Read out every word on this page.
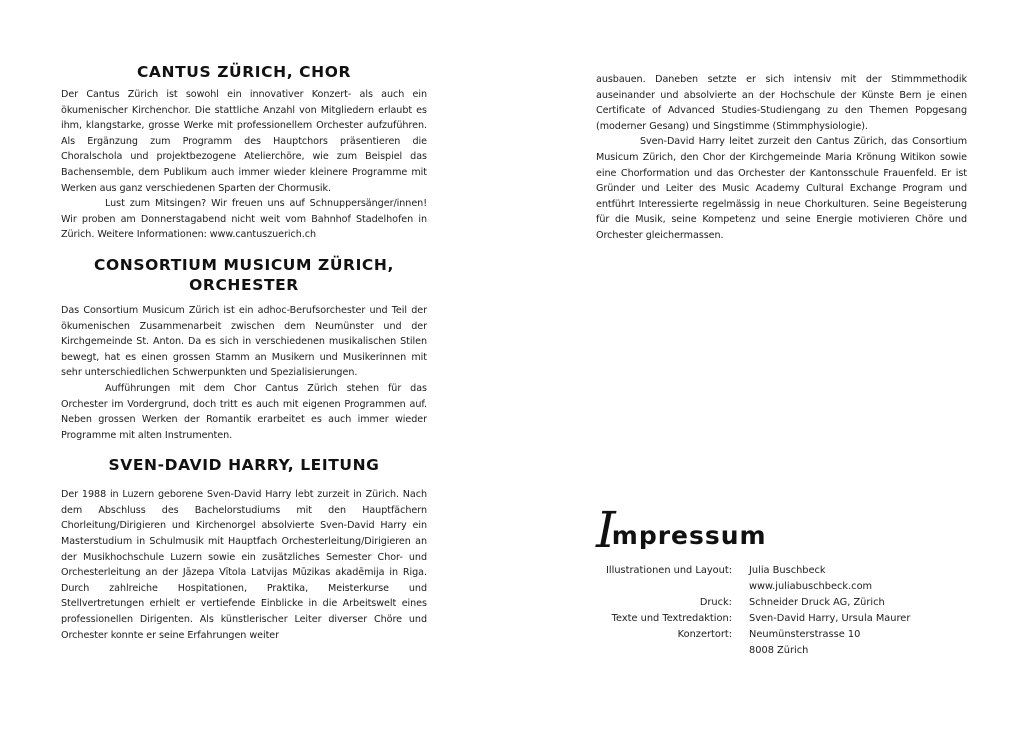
CANTUS ZÜRICH, CHOR

Der Cantus Zürich ist sowohl ein innovativer Konzert- als auch ein ökumenischer Kirchenchor. Die stattliche Anzahl von Mitgliedern erlaubt es ihm, klangstarke, grosse Werke mit professionellem Orchester aufzuführen. Als Ergänzung zum Programm des Hauptchors präsentieren die Choralschola und projektbezogene Atelierchöre, wie zum Beispiel das Bachensemble, dem Publikum auch immer wieder kleinere Programme mit Werken aus ganz verschiedenen Sparten der Chormusik.

Lust zum Mitsingen? Wir freuen uns auf Schnuppersänger/innen! Wir proben am Donnerstagabend nicht weit vom Bahnhof Stadelhofen in Zürich. Weitere Informationen: www.cantuszuerich.ch

CONSORTIUM MUSICUM ZÜRICH, ORCHESTER

Das Consortium Musicum Zürich ist ein adhoc-Berufsorchester und Teil der ökumenischen Zusammenarbeit zwischen dem Neumünster und der Kirchgemeinde St. Anton. Da es sich in verschiedenen musikalischen Stilen bewegt, hat es einen grossen Stamm an Musikern und Musikerinnen mit sehr unterschiedlichen Schwerpunkten und Spezialisierungen.

Aufführungen mit dem Chor Cantus Zürich stehen für das Orchester im Vordergrund, doch tritt es auch mit eigenen Programmen auf. Neben grossen Werken der Romantik erarbeitet es auch immer wieder Programme mit alten Instrumenten.

SVEN-DAVID HARRY, LEITUNG

Der 1988 in Luzern geborene Sven-David Harry lebt zurzeit in Zürich. Nach dem Abschluss des Bachelorstudiums mit den Hauptfächern Chorleitung/Dirigieren und Kirchenorgel absolvierte Sven-David Harry ein Masterstudium in Schulmusik mit Hauptfach Orchesterleitung/Dirigieren an der Musikhochschule Luzern sowie ein zusätzliches Semester Chor- und Orchesterleitung an der Jāzepa Vītola Latvijas Mūzikas akadēmija in Riga. Durch zahlreiche Hospitationen, Praktika, Meisterkurse und Stellvertretungen erhielt er vertiefende Einblicke in die Arbeitswelt eines professionellen Dirigenten. Als künstlerischer Leiter diverser Chöre und Orchester konnte er seine Erfahrungen weiter

ausbauen. Daneben setzte er sich intensiv mit der Stimmmethodik auseinander und absolvierte an der Hochschule der Künste Bern je einen Certificate of Advanced Studies-Studiengang zu den Themen Popgesang (moderner Gesang) und Singstimme (Stimmphysiologie).

Sven-David Harry leitet zurzeit den Cantus Zürich, das Consortium Musicum Zürich, den Chor der Kirchgemeinde Maria Krönung Witikon sowie eine Chorformation und das Orchester der Kantonsschule Frauenfeld. Er ist Gründer und Leiter des Music Academy Cultural Exchange Program und entführt Interessierte regelmässig in neue Chorkulturen. Seine Begeisterung für die Musik, seine Kompetenz und seine Energie motivieren Chöre und Orchester gleichermassen.

I
mpressum
Illustrationen und Layout:	Julia Buschbeck
www.juliabuschbeck.com
Druck:	Schneider Druck AG, Zürich
Texte und Textredaktion:	Sven-David Harry, Ursula Maurer
Konzertort:	Neumünsterstrasse 10
8008 Zürich
